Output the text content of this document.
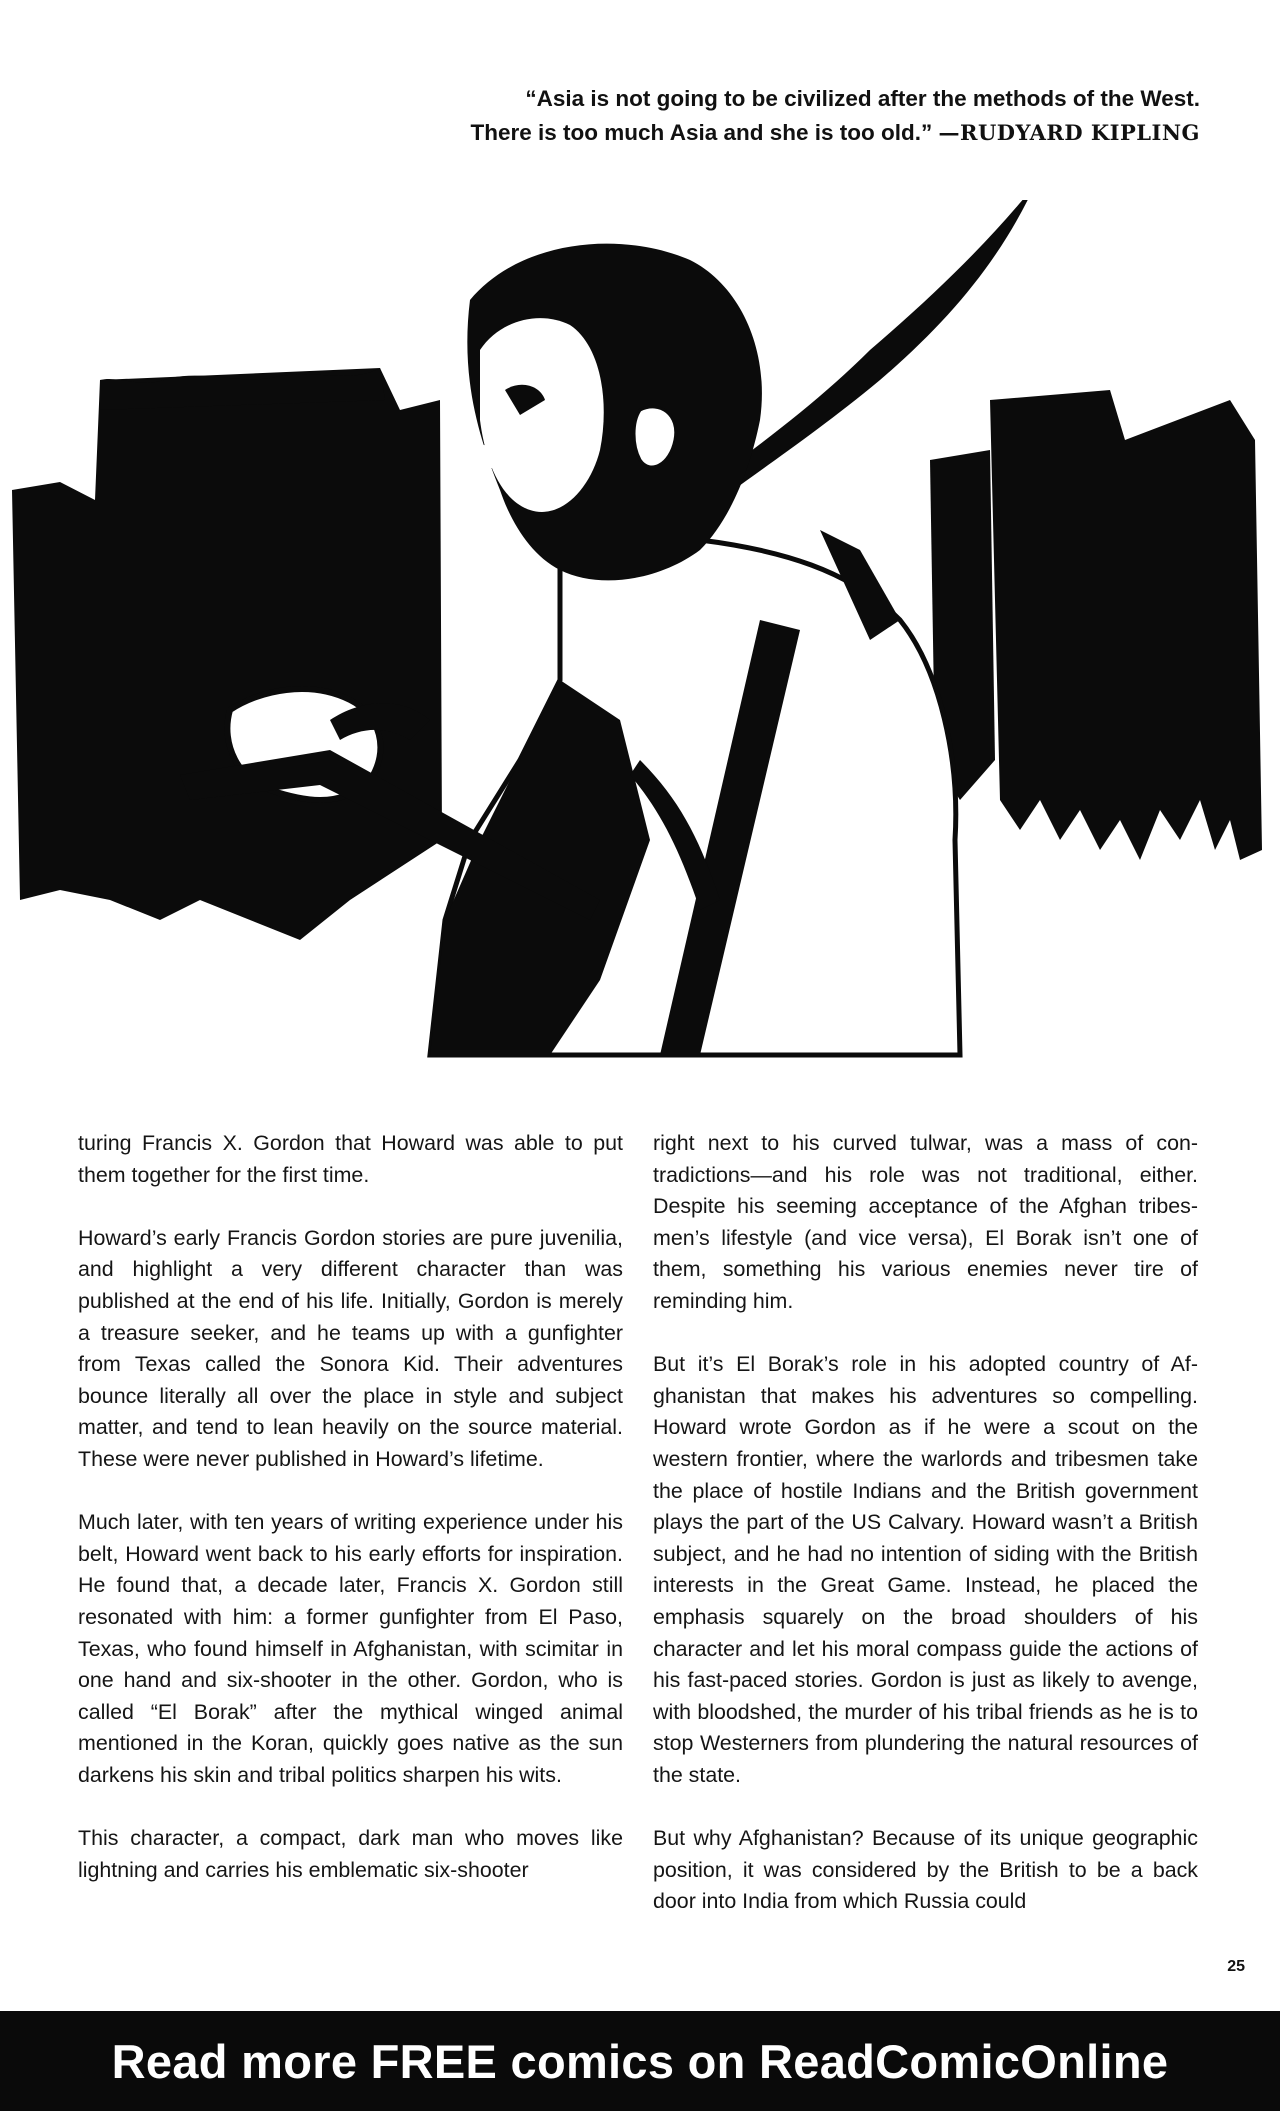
“Asia is not going to be civilized after the methods of the West.
There is too much Asia and she is too old.” —RUDYARD KIPLING
TIMO
WALLACE
SMITH
2009

turing Francis X. Gordon that Howard was able to put them together for the first time.

Howard’s early Francis Gordon stories are pure juvenilia, and highlight a very different character than was published at the end of his life. Initially, Gordon is merely a treasure seeker, and he teams up with a gunfighter from Texas called the Sonora Kid. Their adventures bounce literally all over the place in style and subject matter, and tend to lean heavily on the source material. These were never published in Howard’s lifetime.

Much later, with ten years of writing experience under his belt, Howard went back to his early efforts for inspiration. He found that, a decade later, Francis X. Gordon still resonated with him: a former gunfighter from El Paso, Texas, who found himself in Afghanistan, with scimitar in one hand and six-shooter in the other. Gordon, who is called “El Borak” after the mythical winged animal mentioned in the Koran, quickly goes native as the sun darkens his skin and tribal politics sharpen his wits.

This character, a compact, dark man who moves like lightning and carries his emblematic six-shooter

right next to his curved tulwar, was a mass of contradictions—and his role was not traditional, either. Despite his seeming acceptance of the Afghan tribesmen’s lifestyle (and vice versa), El Borak isn’t one of them, something his various enemies never tire of reminding him.

But it’s El Borak’s role in his adopted country of Afghanistan that makes his adventures so compelling. Howard wrote Gordon as if he were a scout on the western frontier, where the warlords and tribesmen take the place of hostile Indians and the British government plays the part of the US Calvary. Howard wasn’t a British subject, and he had no intention of siding with the British interests in the Great Game. Instead, he placed the emphasis squarely on the broad shoulders of his character and let his moral compass guide the actions of his fast-paced stories. Gordon is just as likely to avenge, with bloodshed, the murder of his tribal friends as he is to stop Westerners from plundering the natural resources of the state.

But why Afghanistan? Because of its unique geographic position, it was considered by the British to be a back door into India from which Russia could

25
Read more FREE comics on ReadComicOnline
